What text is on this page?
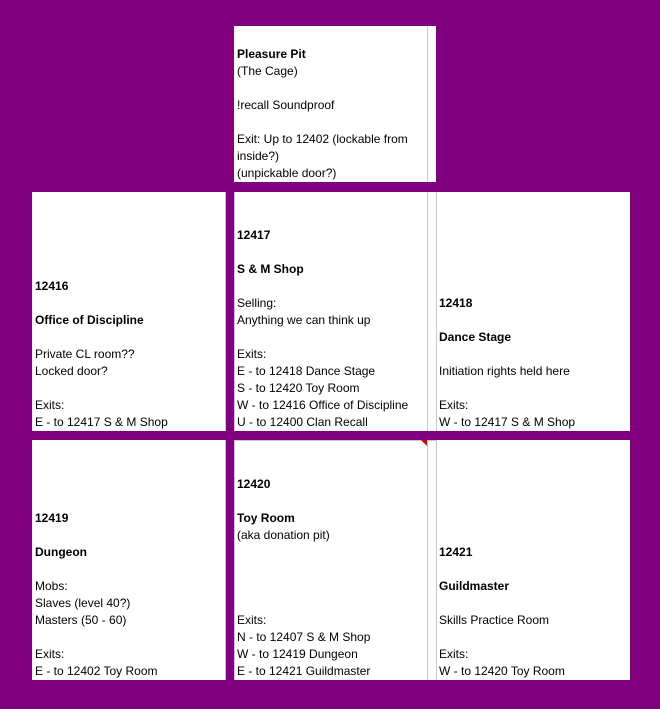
Pleasure Pit
(The Cage)
!recall Soundproof
Exit: Up to 12402 (lockable from
inside?)
(unpickable door?)
12416
Office of Discipline
Private CL room??
Locked door?
Exits:
E - to 12417 S & M Shop
12417
S & M Shop
Selling:
Anything we can think up
Exits:
E - to 12418 Dance Stage
S - to 12420 Toy Room
W - to 12416 Office of Discipline
U - to 12400 Clan Recall
12418
Dance Stage
Initiation rights held here
Exits:
W - to 12417 S & M Shop
12419
Dungeon
Mobs:
Slaves (level 40?)
Masters (50 - 60)
Exits:
E - to 12402 Toy Room
12420
Toy Room
(aka donation pit)
Exits:
N - to 12407 S & M Shop
W - to 12419 Dungeon
E - to 12421 Guildmaster
12421
Guildmaster
Skills Practice Room
Exits:
W - to 12420 Toy Room
